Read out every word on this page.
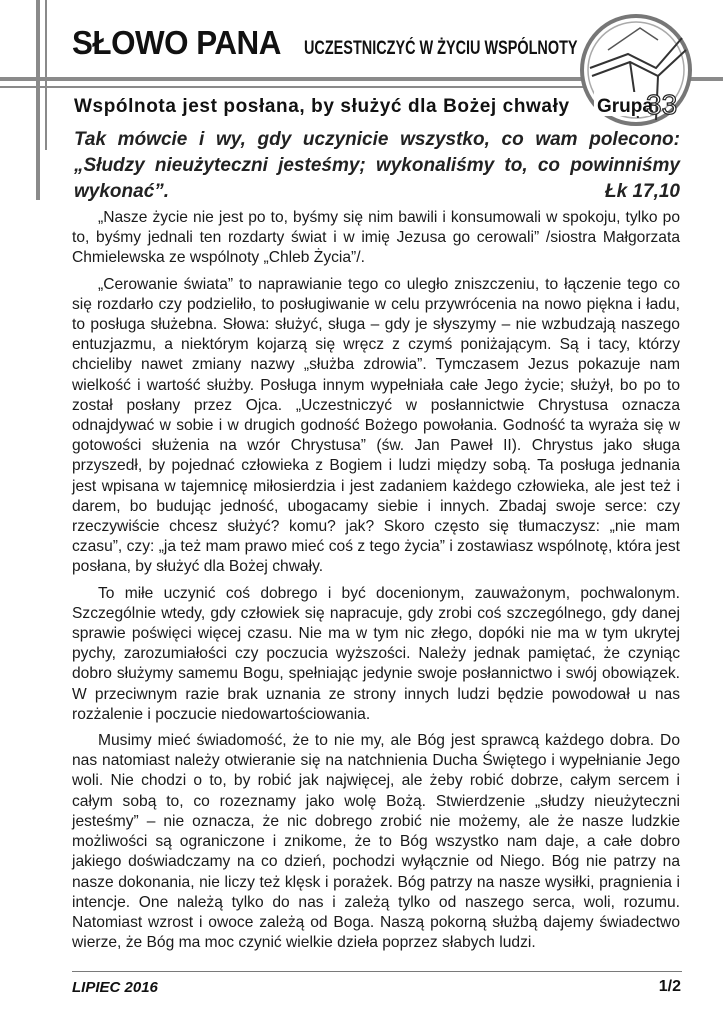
SŁOWO PANA UCZESTNICZYĆ W ŻYCIU WSPÓLNOTY
Grupa
33
Wspólnota jest posłana, by służyć dla Bożej chwały
Tak mówcie i wy, gdy uczynicie wszystko, co wam polecono: „Słudzy nieużyteczni jesteśmy; wykonaliśmy to, co powinniśmy wykonać”.	Łk 17,10

„Nasze życie nie jest po to, byśmy się nim bawili i konsumowali w spokoju, tylko po to, byśmy jednali ten rozdarty świat i w imię Jezusa go cerowali” /siostra Małgorzata Chmielewska ze wspólnoty „Chleb Życia”/.

„Cerowanie świata” to naprawianie tego co uległo zniszczeniu, to łączenie tego co się rozdarło czy podzieliło, to posługiwanie w celu przywrócenia na nowo piękna i ładu, to posługa służebna. Słowa: służyć, sługa – gdy je słyszymy – nie wzbudzają naszego entuzjazmu, a niektórym kojarzą się wręcz z czymś poniżającym. Są i tacy, którzy chcieliby nawet zmiany nazwy „służba zdrowia”. Tymczasem Jezus pokazuje nam wielkość i wartość służby. Posługa innym wypełniała całe Jego życie; służył, bo po to został posłany przez Ojca. „Uczestniczyć w posłannictwie Chrystusa oznacza odnajdywać w sobie i w drugich godność Bożego powołania. Godność ta wyraża się w gotowości służenia na wzór Chrystusa” (św. Jan Paweł II). Chrystus jako sługa przyszedł, by pojednać człowieka z Bogiem i ludzi między sobą. Ta posługa jednania jest wpisana w tajemnicę miłosierdzia i jest zadaniem każdego człowieka, ale jest też i darem, bo budując jedność, ubogacamy siebie i innych. Zbadaj swoje serce: czy rzeczywiście chcesz służyć? komu? jak? Skoro często się tłumaczysz: „nie mam czasu”, czy: „ja też mam prawo mieć coś z tego życia” i zostawiasz wspólnotę, która jest posłana, by służyć dla Bożej chwały.

To miłe uczynić coś dobrego i być docenionym, zauważonym, pochwalonym. Szczególnie wtedy, gdy człowiek się napracuje, gdy zrobi coś szczególnego, gdy danej sprawie poświęci więcej czasu. Nie ma w tym nic złego, dopóki nie ma w tym ukrytej pychy, zarozumiałości czy poczucia wyższości. Należy jednak pamiętać, że czyniąc dobro służymy samemu Bogu, spełniając jedynie swoje posłannictwo i swój obowiązek. W przeciwnym razie brak uznania ze strony innych ludzi będzie powodował u nas rozżalenie i poczucie niedowartościowania.

Musimy mieć świadomość, że to nie my, ale Bóg jest sprawcą każdego dobra. Do nas natomiast należy otwieranie się na natchnienia Ducha Świętego i wypełnianie Jego woli. Nie chodzi o to, by robić jak najwięcej, ale żeby robić dobrze, całym sercem i całym sobą to, co rozeznamy jako wolę Bożą. Stwierdzenie „słudzy nieużyteczni jesteśmy” – nie oznacza, że nic dobrego zrobić nie możemy, ale że nasze ludzkie możliwości są ograniczone i znikome, że to Bóg wszystko nam daje, a całe dobro jakiego doświadczamy na co dzień, pochodzi wyłącznie od Niego. Bóg nie patrzy na nasze dokonania, nie liczy też klęsk i porażek. Bóg patrzy na nasze wysiłki, pragnienia i intencje. One należą tylko do nas i zależą tylko od naszego serca, woli, rozumu. Natomiast wzrost i owoce zależą od Boga. Naszą pokorną służbą dajemy świadectwo wierze, że Bóg ma moc czynić wielkie dzieła poprzez słabych ludzi.

LIPIEC 2016	1/2
